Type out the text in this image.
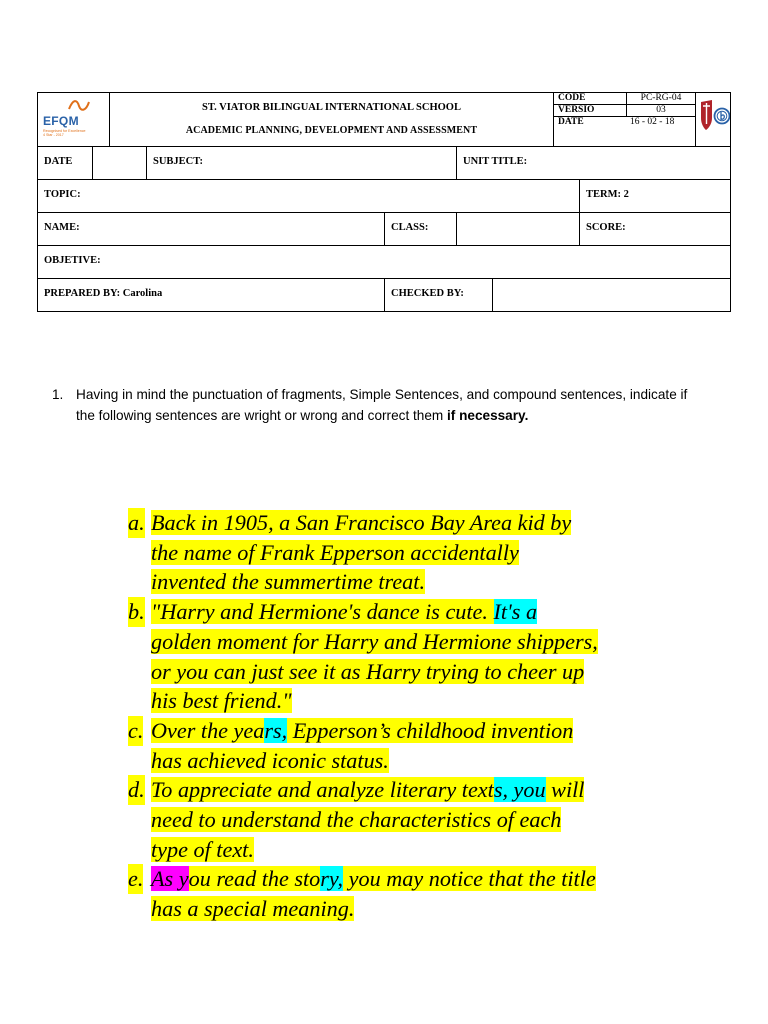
EFQM
Recognised for Excellence 4 Star - 2017
ST. VIATOR BILINGUAL INTERNATIONAL SCHOOL
ACADEMIC PLANNING, DEVELOPMENT AND ASSESSMENT
CODE	PC-RG-04
VERSIO	03
DATE	16 - 02 - 18
DATE	SUBJECT:	UNIT TITLE:
TOPIC:	TERM: 2
NAME:	CLASS:	SCORE:
OBJETIVE:
PREPARED BY: Carolina	CHECKED BY:
1. Having in mind the punctuation of fragments, Simple Sentences, and compound sentences, indicate if the following sentences are wright or wrong and correct them if necessary.
a. Back in 1905, a San Francisco Bay Area kid by
the name of Frank Epperson accidentally
invented the summertime treat.
b. "Harry and Hermione's dance is cute. It's a
golden moment for Harry and Hermione shippers,
or you can just see it as Harry trying to cheer up
his best friend."
c. Over the years, Epperson’s childhood invention
has achieved iconic status.
d. To appreciate and analyze literary texts, you will
need to understand the characteristics of each
type of text.
e. As you read the story, you may notice that the title
has a special meaning.
